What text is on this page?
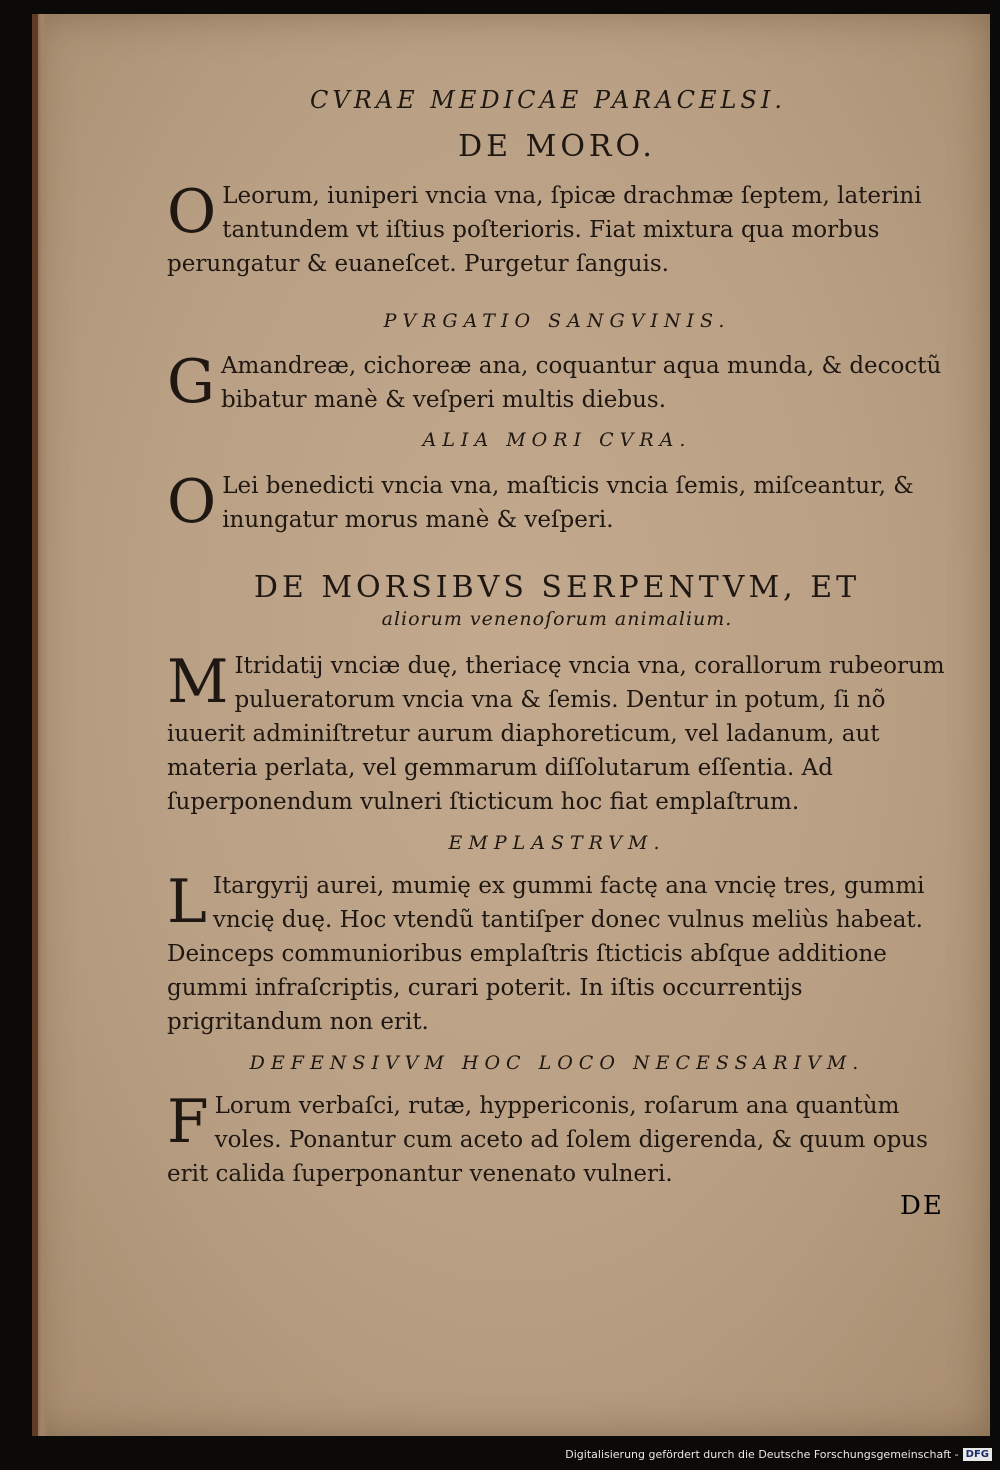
CVRAE MEDICAE PARACELSI.
DE MORO.
O Leorum, iuniperi vncia vna, ſpicæ drachmæ ſeptem, laterini tantundem vt iſtius poſterioris. Fiat mixtura qua morbus perungatur & euaneſcet. Purgetur ſanguis.
PVRGATIO SANGVINIS.
G Amandreæ, cichoreæ ana, coquantur aqua munda, & decoctũ bibatur manè & veſperi multis diebus.
ALIA MORI CVRA.
O Lei benedicti vncia vna, maſticis vncia ſemis, miſceantur, & inungatur morus manè & veſperi.
DE MORSIBVS SERPENTVM, ET
aliorum venenoſorum animalium.
M Itridatij vnciæ duę, theriacę vncia vna, corallorum rubeorum pulueratorum vncia vna & ſemis. Dentur in potum, ſi nõ iuuerit adminiſtretur aurum diaphoreticum, vel ladanum, aut materia perlata, vel gemmarum diſſolutarum eſſentia. Ad ſuperponendum vulneri ſticticum hoc fiat emplaſtrum.
EMPLASTRVM.
L Itargyrij aurei, mumię ex gummi factę ana vncię tres, gummi vncię duę. Hoc vtendũ tantiſper donec vulnus meliùs habeat. Deinceps communioribus emplaſtris ſticticis abſque additione gummi infraſcriptis, curari poterit. In iſtis occurrentijs prigritandum non erit.
DEFENSIVVM HOC LOCO NECESSARIVM.
F Lorum verbaſci, rutæ, hyppericonis, roſarum ana quantùm voles. Ponantur cum aceto ad ſolem digerenda, & quum opus erit calida ſuperponantur venenato vulneri.
DE
Digitalisierung gefördert durch die Deutsche Forschungsgemeinschaft - DFG
